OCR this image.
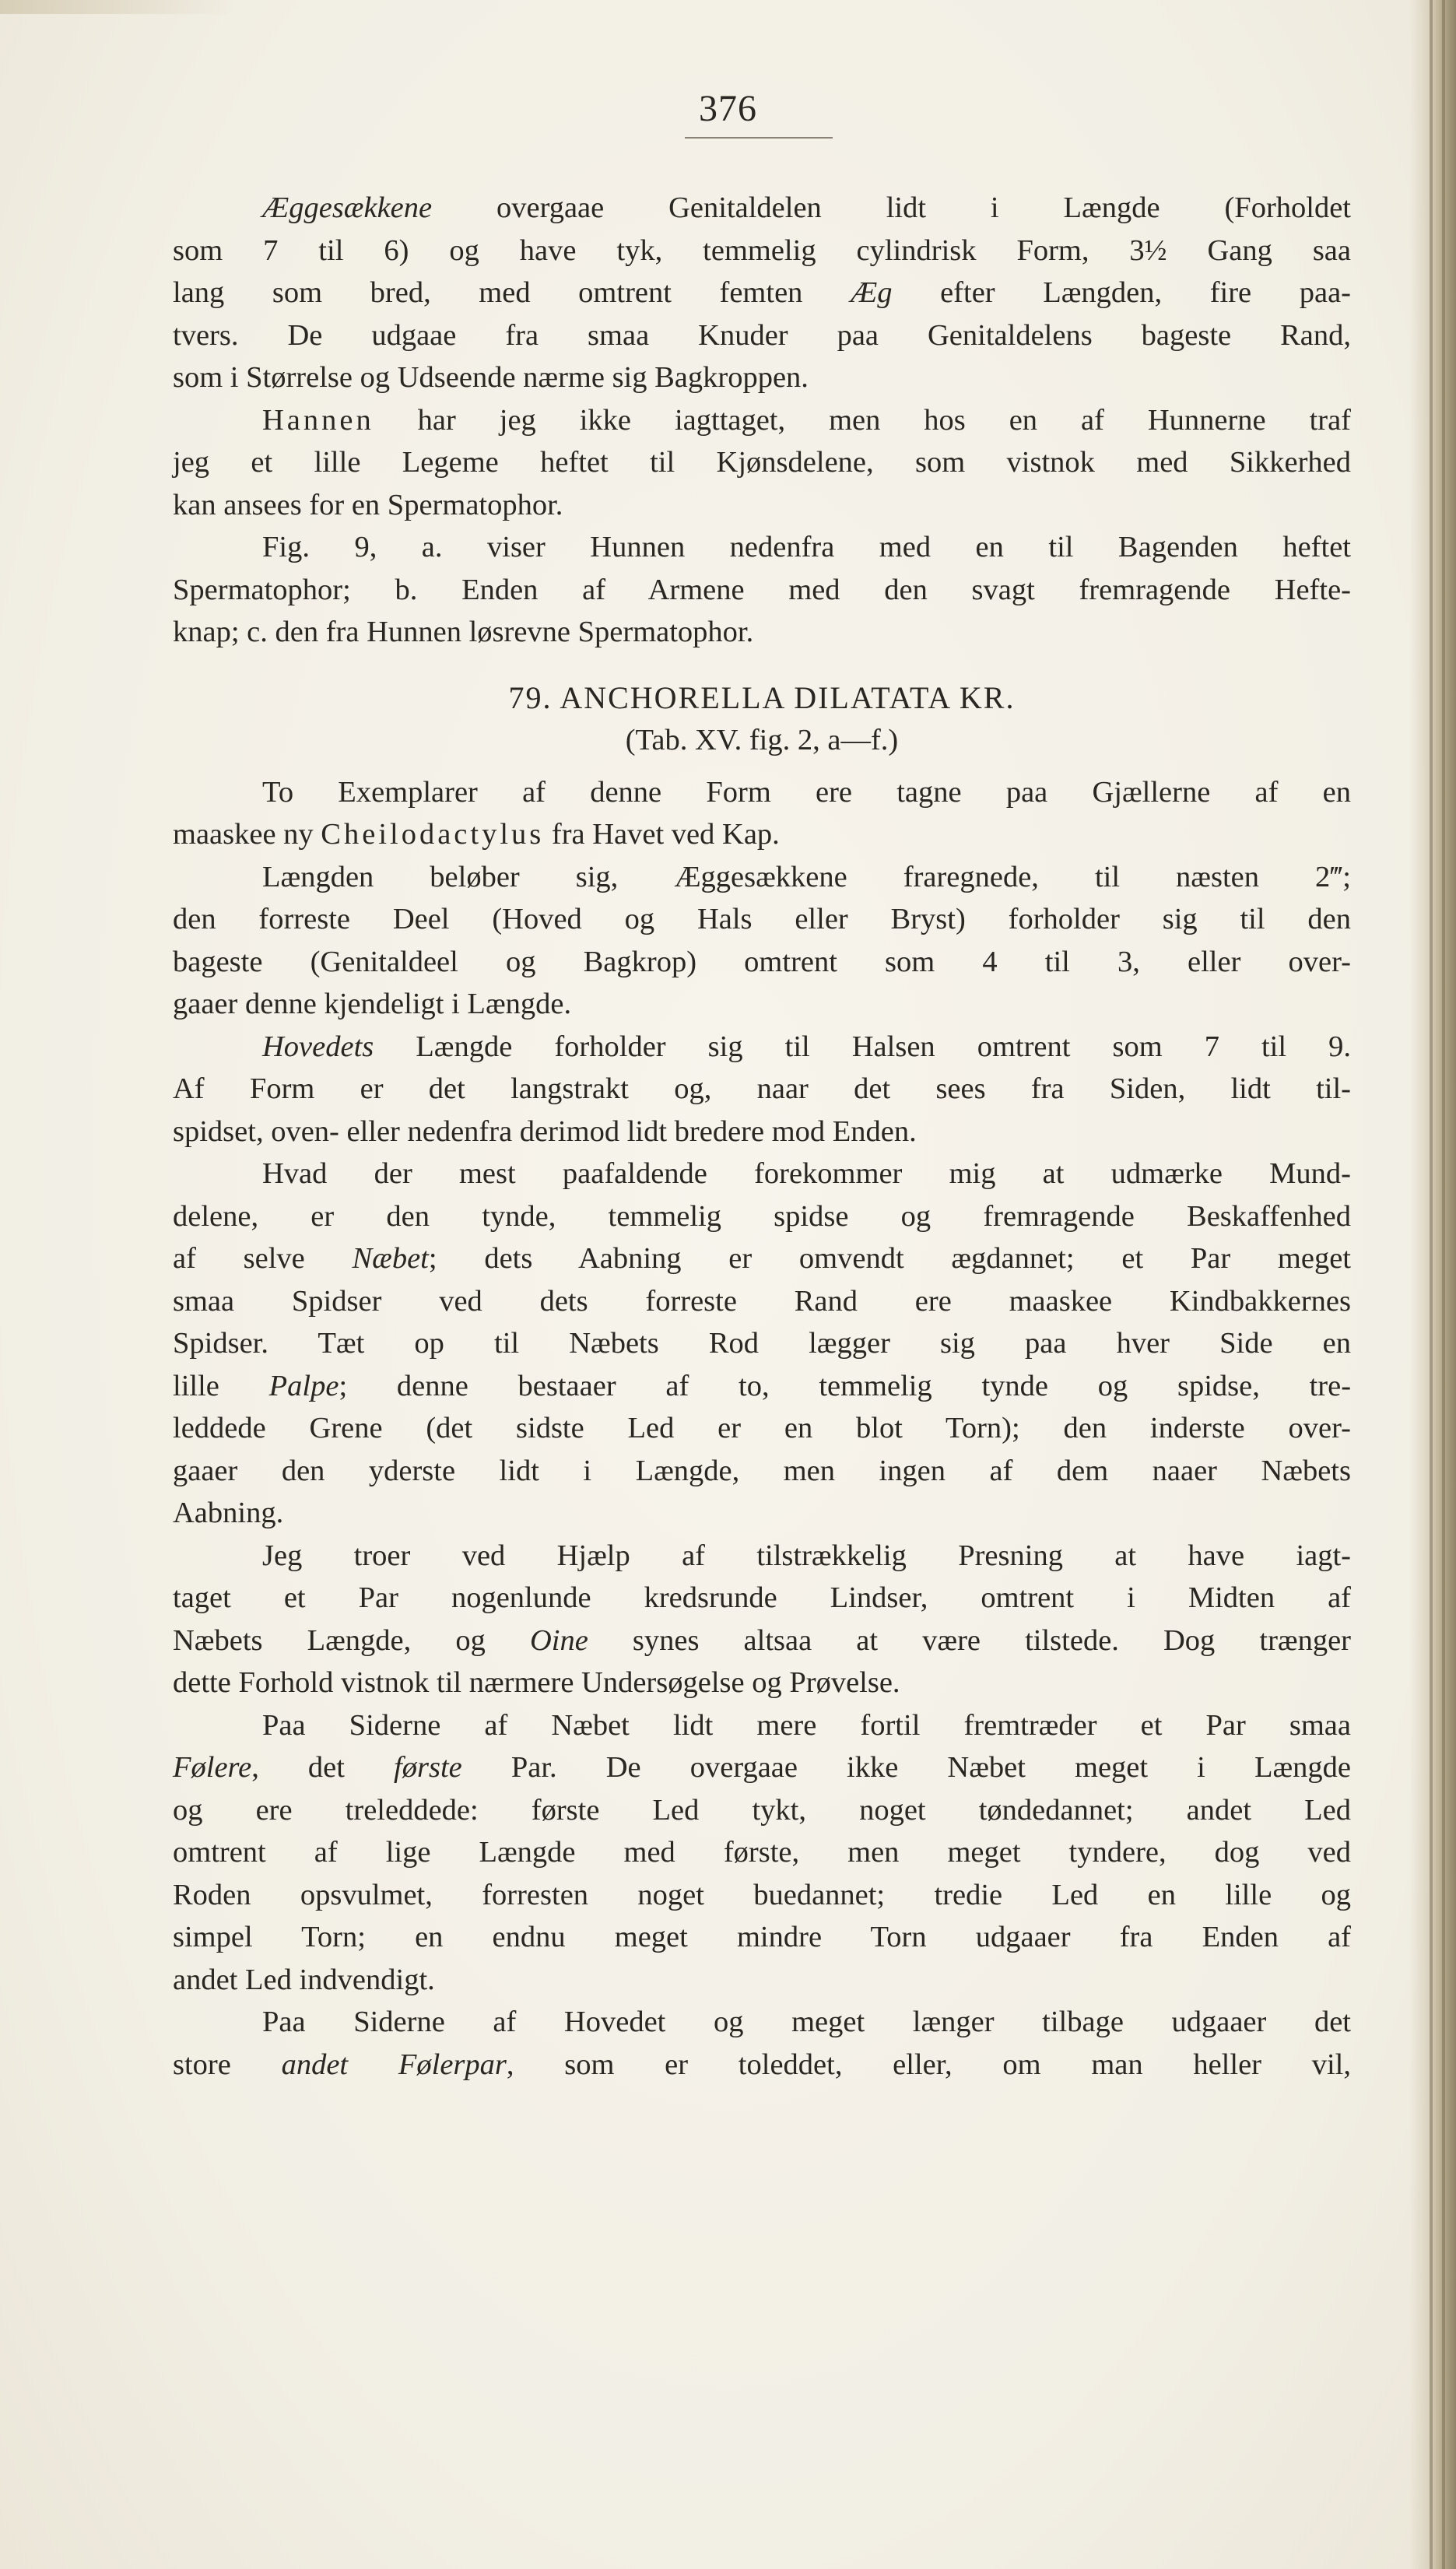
376
Æggesækkene overgaae Genitaldelen lidt i Længde (Forholdet
som 7 til 6) og have tyk, temmelig cylindrisk Form, 3½ Gang saa
lang som bred, med omtrent femten Æg efter Længden, fire paa-
tvers. De udgaae fra smaa Knuder paa Genitaldelens bageste Rand,
som i Størrelse og Udseende nærme sig Bagkroppen.
Hannen har jeg ikke iagttaget, men hos en af Hunnerne traf
jeg et lille Legeme heftet til Kjønsdelene, som vistnok med Sikkerhed
kan ansees for en Spermatophor.
Fig. 9, a. viser Hunnen nedenfra med en til Bagenden heftet
Spermatophor; b. Enden af Armene med den svagt fremragende Hefte-
knap; c. den fra Hunnen løsrevne Spermatophor.
79. ANCHORELLA DILATATA KR.
(Tab. XV. fig. 2, a—f.)
To Exemplarer af denne Form ere tagne paa Gjællerne af en
maaskee ny Cheilodactylus fra Havet ved Kap.
Længden beløber sig, Æggesækkene fraregnede, til næsten 2‴;
den forreste Deel (Hoved og Hals eller Bryst) forholder sig til den
bageste (Genitaldeel og Bagkrop) omtrent som 4 til 3, eller over-
gaaer denne kjendeligt i Længde.
Hovedets Længde forholder sig til Halsen omtrent som 7 til 9.
Af Form er det langstrakt og, naar det sees fra Siden, lidt til-
spidset, oven- eller nedenfra derimod lidt bredere mod Enden.
Hvad der mest paafaldende forekommer mig at udmærke Mund-
delene, er den tynde, temmelig spidse og fremragende Beskaffenhed
af selve Næbet; dets Aabning er omvendt ægdannet; et Par meget
smaa Spidser ved dets forreste Rand ere maaskee Kindbakkernes
Spidser. Tæt op til Næbets Rod lægger sig paa hver Side en
lille Palpe; denne bestaaer af to, temmelig tynde og spidse, tre-
leddede Grene (det sidste Led er en blot Torn); den inderste over-
gaaer den yderste lidt i Længde, men ingen af dem naaer Næbets
Aabning.
Jeg troer ved Hjælp af tilstrækkelig Presning at have iagt-
taget et Par nogenlunde kredsrunde Lindser, omtrent i Midten af
Næbets Længde, og Oine synes altsaa at være tilstede. Dog trænger
dette Forhold vistnok til nærmere Undersøgelse og Prøvelse.
Paa Siderne af Næbet lidt mere fortil fremtræder et Par smaa
Følere, det første Par. De overgaae ikke Næbet meget i Længde
og ere treleddede: første Led tykt, noget tøndedannet; andet Led
omtrent af lige Længde med første, men meget tyndere, dog ved
Roden opsvulmet, forresten noget buedannet; tredie Led en lille og
simpel Torn; en endnu meget mindre Torn udgaaer fra Enden af
andet Led indvendigt.
Paa Siderne af Hovedet og meget længer tilbage udgaaer det
store andet Følerpar, som er toleddet, eller, om man heller vil,
